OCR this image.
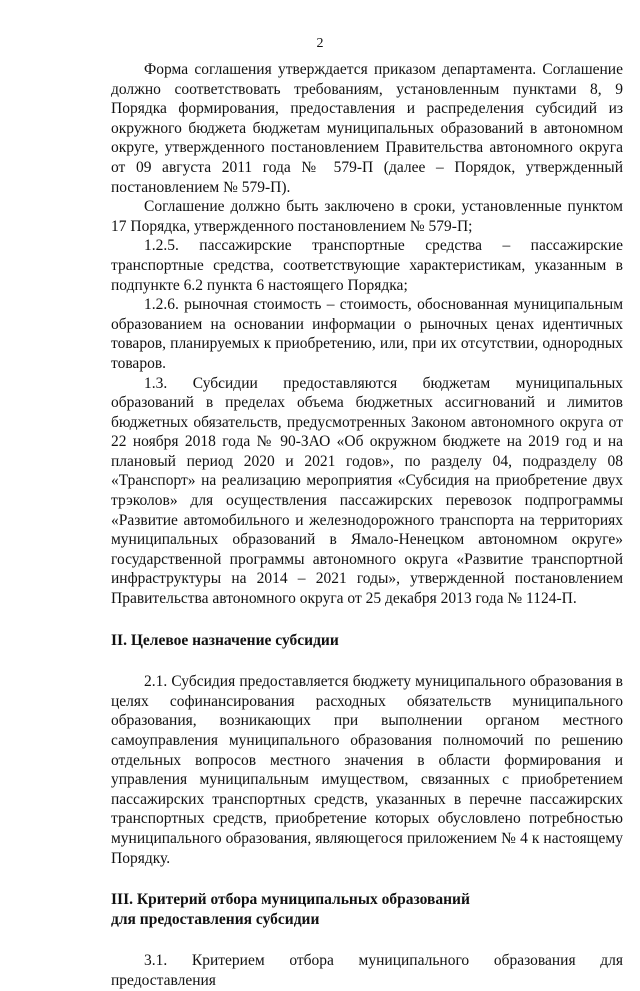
2

Форма соглашения утверждается приказом департамента. Соглашение должно соответствовать требованиям, установленным пунктами 8, 9 Порядка формирования, предоставления и распределения субсидий из окружного бюджета бюджетам муниципальных образований в автономном округе, утвержденного постановлением Правительства автономного округа от 09 августа 2011 года № 579-П (далее – Порядок, утвержденный постановлением № 579-П).

Соглашение должно быть заключено в сроки, установленные пунктом 17 Порядка, утвержденного постановлением № 579-П;

1.2.5. пассажирские транспортные средства – пассажирские транспортные средства, соответствующие характеристикам, указанным в подпункте 6.2 пункта 6 настоящего Порядка;

1.2.6. рыночная стоимость – стоимость, обоснованная муниципальным образованием на основании информации о рыночных ценах идентичных товаров, планируемых к приобретению, или, при их отсутствии, однородных товаров.

1.3. Субсидии предоставляются бюджетам муниципальных образований в пределах объема бюджетных ассигнований и лимитов бюджетных обязательств, предусмотренных Законом автономного округа от 22 ноября 2018 года № 90-ЗАО «Об окружном бюджете на 2019 год и на плановый период 2020 и 2021 годов», по разделу 04, подразделу 08 «Транспорт» на реализацию мероприятия «Субсидия на приобретение двух трэколов» для осуществления пассажирских перевозок подпрограммы «Развитие автомобильного и железнодорожного транспорта на территориях муниципальных образований в Ямало-Ненецком автономном округе» государственной программы автономного округа «Развитие транспортной инфраструктуры на 2014 – 2021 годы», утвержденной постановлением Правительства автономного округа от 25 декабря 2013 года № 1124-П.

II. Целевое назначение субсидии

2.1. Субсидия предоставляется бюджету муниципального образования в целях софинансирования расходных обязательств муниципального образования, возникающих при выполнении органом местного самоуправления муниципального образования полномочий по решению отдельных вопросов местного значения в области формирования и управления муниципальным имуществом, связанных с приобретением пассажирских транспортных средств, указанных в перечне пассажирских транспортных средств, приобретение которых обусловлено потребностью муниципального образования, являющегося приложением № 4 к настоящему Порядку.

III. Критерий отбора муниципальных образований

для предоставления субсидии

3.1. Критерием отбора муниципального образования для предоставления
